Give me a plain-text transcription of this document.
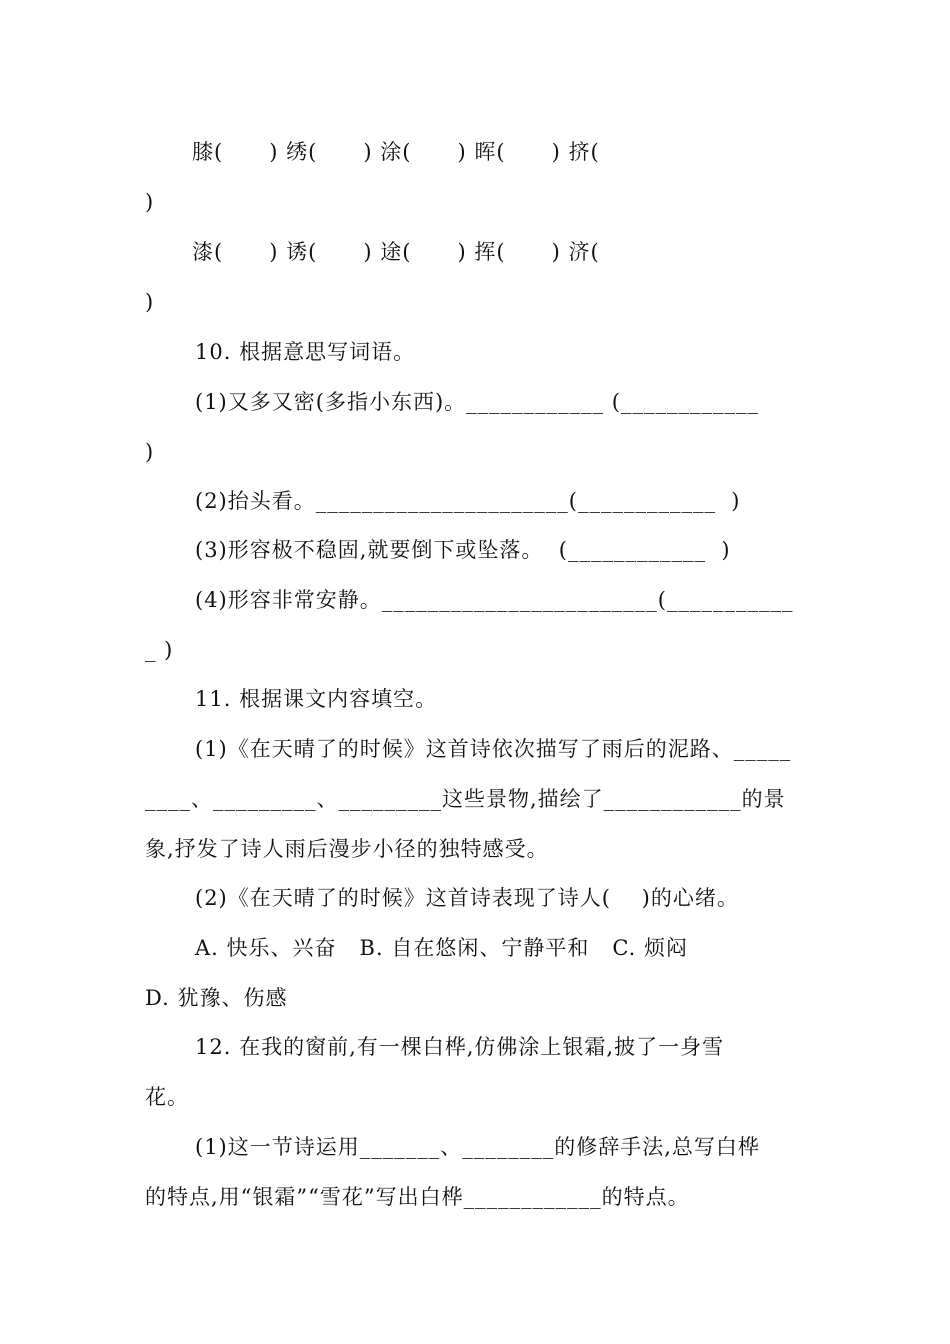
膝(      ) 绣(      ) 涂(      ) 晖(      ) 挤(
)
漆(      ) 诱(      ) 途(      ) 挥(      ) 济(
)
10. 根据意思写词语。
(1)又多又密(多指小东西)。____________ (____________
)
(2)抬头看。______________________(____________  )
(3)形容极不稳固,就要倒下或坠落。  (____________  )
(4)形容非常安静。________________________(___________
_ )
11. 根据课文内容填空。
(1)《在天晴了的时候》这首诗依次描写了雨后的泥路、_____
____、_________、_________这些景物,描绘了____________的景
象,抒发了诗人雨后漫步小径的独特感受。
(2)《在天晴了的时候》这首诗表现了诗人(    )的心绪。
A. 快乐、兴奋   B. 自在悠闲、宁静平和   C. 烦闷
D. 犹豫、伤感
12. 在我的窗前,有一棵白桦,仿佛涂上银霜,披了一身雪
花。
(1)这一节诗运用_______、________的修辞手法,总写白桦
的特点,用“银霜”“雪花”写出白桦____________的特点。
